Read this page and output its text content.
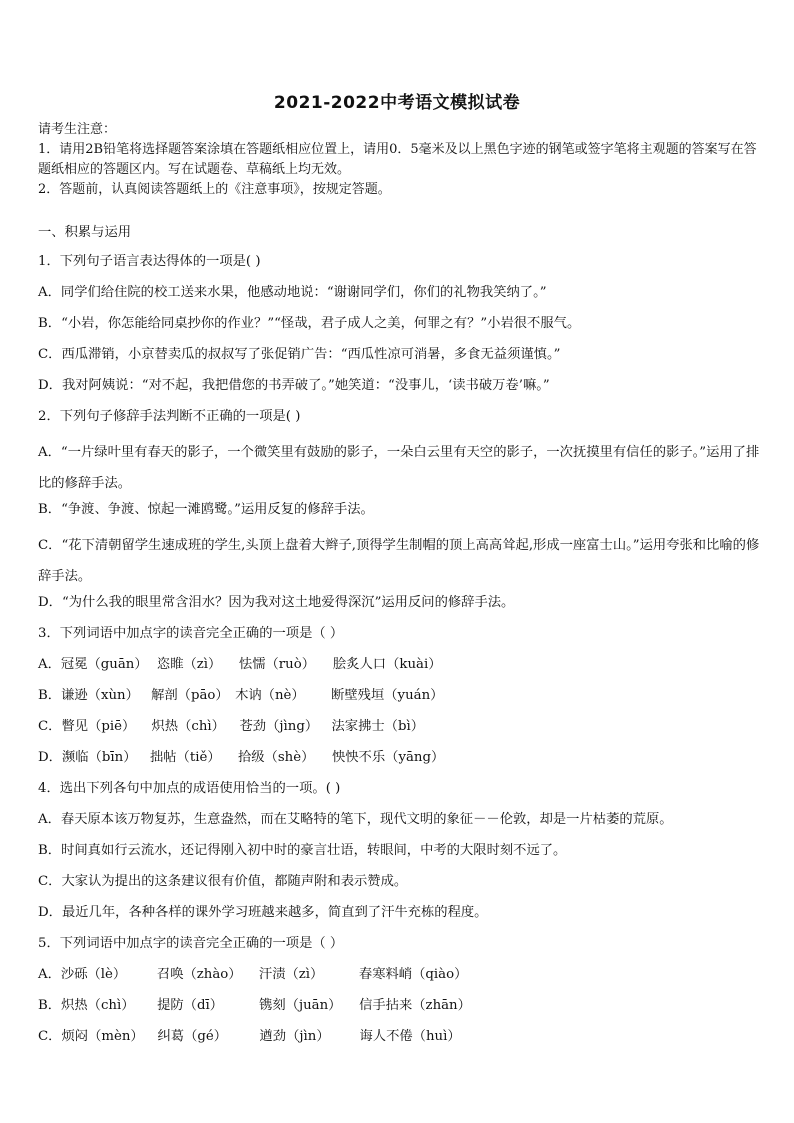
2021-2022中考语文模拟试卷

请考生注意：

1．请用2B铅笔将选择题答案涂填在答题纸相应位置上，请用0．5毫米及以上黑色字迹的钢笔或签字笔将主观题的答案写在答题纸相应的答题区内。写在试题卷、草稿纸上均无效。

2．答题前，认真阅读答题纸上的《注意事项》，按规定答题。

一、积累与运用
1．下列句子语言表达得体的一项是( )
A．同学们给住院的校工送来水果，他感动地说：“谢谢同学们，你们的礼物我笑纳了。”
B．“小岩，你怎能给同桌抄你的作业？”“怪哉，君子成人之美，何罪之有？”小岩很不服气。
C．西瓜滞销，小京替卖瓜的叔叔写了张促销广告：“西瓜性凉可消暑，多食无益须谨慎。”
D．我对阿姨说：“对不起，我把借您的书弄破了。”她笑道：“没事儿，‘读书破万卷’嘛。”
2．下列句子修辞手法判断不正确的一项是( )
A．“一片绿叶里有春天的影子，一个微笑里有鼓励的影子，一朵白云里有天空的影子，一次抚摸里有信任的影子。”运用了排比的修辞手法。
B．“争渡、争渡、惊起一滩鸥鹭。”运用反复的修辞手法。
C．“花下清朝留学生速成班的学生,头顶上盘着大辫子,顶得学生制帽的顶上高高耸起,形成一座富士山。”运用夸张和比喻的修辞手法。
D．“为什么我的眼里常含泪水？因为我对这土地爱得深沉”运用反问的修辞手法。
3．下列词语中加点字的读音完全正确的一项是（ ）
A．冠冕（guān） 恣睢（zì） 怯懦（ruò） 脍炙人口（kuài）
B．谦逊（xùn） 解剖（pāo） 木讷（nè） 断壁残垣（yuán）
C．瞥见（piē） 炽热（chì） 苍劲（jìng） 法家拂士（bì）
D．濒临（bīn） 拙帖（tiě） 拾级（shè） 怏怏不乐（yāng）
4．选出下列各句中加点的成语使用恰当的一项。( )
A．春天原本该万物复苏，生意盎然，而在艾略特的笔下，现代文明的象征－－伦敦，却是一片枯萎的荒原。
B．时间真如行云流水，还记得刚入初中时的豪言壮语，转眼间，中考的大限时刻不远了。
C．大家认为提出的这条建议很有价值，都随声附和表示赞成。
D．最近几年，各种各样的课外学习班越来越多，简直到了汗牛充栋的程度。
5．下列词语中加点字的读音完全正确的一项是（ ）
A．沙砾（lè） 召唤（zhào） 汗渍（zì）	春寒料峭（qiào）
B．炽热（chì） 提防（dī）	镌刻（juān） 信手拈来（zhān）
C．烦闷（mèn） 纠葛（gé） 遒劲（jìn） 诲人不倦（huì）
